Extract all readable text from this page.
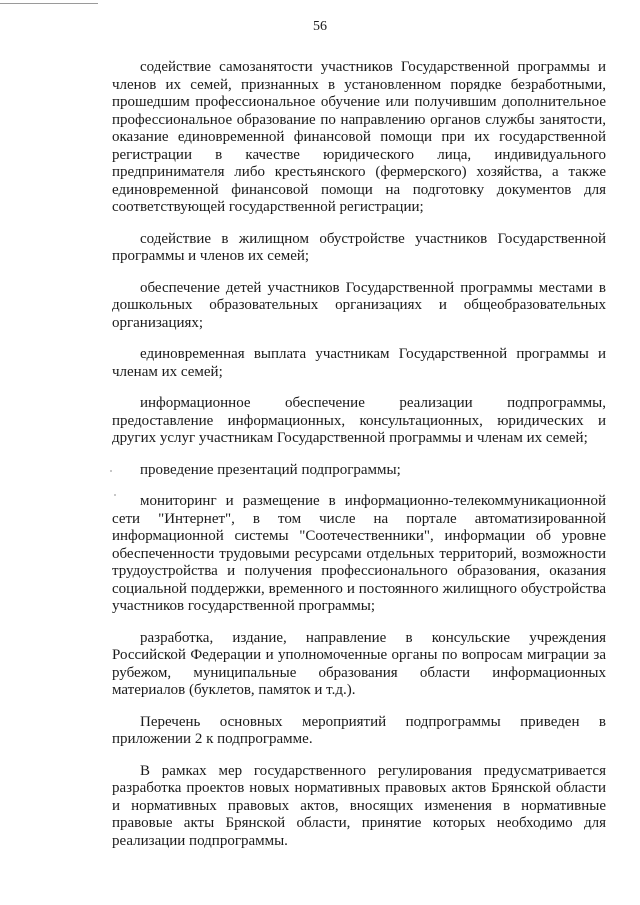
56

содействие самозанятости участников Государственной программы и членов их семей, признанных в установленном порядке безработными, прошедшим профессиональное обучение или получившим дополнительное профессиональное образование по направлению органов службы занятости, оказание единовременной финансовой помощи при их государственной регистрации в качестве юридического лица, индивидуального предпринимателя либо крестьянского (фермерского) хозяйства, а также единовременной финансовой помощи на подготовку документов для соответствующей государственной регистрации;

содействие в жилищном обустройстве участников Государственной программы и членов их семей;

обеспечение детей участников Государственной программы местами в дошкольных образовательных организациях и общеобразовательных организациях;

единовременная выплата участникам Государственной программы и членам их семей;

информационное обеспечение реализации подпрограммы, предоставление информационных, консультационных, юридических и других услуг участникам Государственной программы и членам их семей;

проведение презентаций подпрограммы;

мониторинг и размещение в информационно-телекоммуникационной сети "Интернет", в том числе на портале автоматизированной информационной системы "Соотечественники", информации об уровне обеспеченности трудовыми ресурсами отдельных территорий, возможности трудоустройства и получения профессионального образования, оказания социальной поддержки, временного и постоянного жилищного обустройства участников государственной программы;

разработка, издание, направление в консульские учреждения Российской Федерации и уполномоченные органы по вопросам миграции за рубежом, муниципальные образования области информационных материалов (буклетов, памяток и т.д.).

Перечень основных мероприятий подпрограммы приведен в приложении 2 к подпрограмме.

В рамках мер государственного регулирования предусматривается разработка проектов новых нормативных правовых актов Брянской области и нормативных правовых актов, вносящих изменения в нормативные правовые акты Брянской области, принятие которых необходимо для реализации подпрограммы.
